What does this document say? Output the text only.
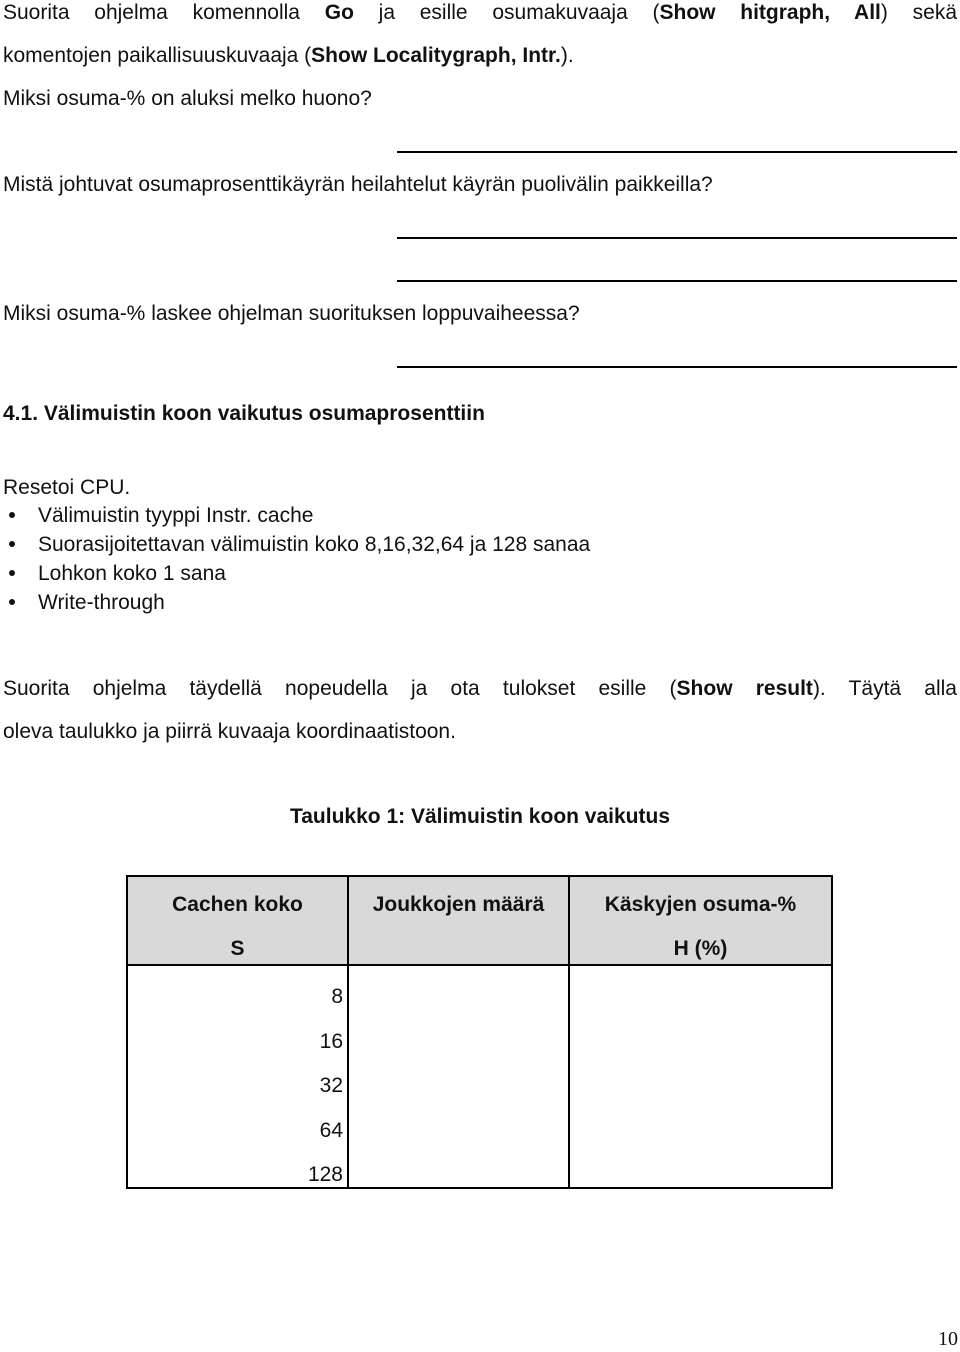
Suorita ohjelma komennolla Go ja esille osumakuvaaja (Show hitgraph, All) sekä
komentojen paikallisuuskuvaaja (Show Localitygraph, Intr.).
Miksi osuma-% on aluksi melko huono?
Mistä johtuvat osumaprosenttikäyrän heilahtelut käyrän puolivälin paikkeilla?
Miksi osuma-% laskee ohjelman suorituksen loppuvaiheessa?
4.1. Välimuistin koon vaikutus osumaprosenttiin
Resetoi CPU.
Välimuistin tyyppi Instr. cache
Suorasijoitettavan välimuistin koko 8,16,32,64 ja 128 sanaa
Lohkon koko 1 sana
Write-through
Suorita ohjelma täydellä nopeudella ja ota tulokset esille (Show result). Täytä alla
oleva taulukko ja piirrä kuvaaja koordinaatistoon.
Taulukko 1: Välimuistin koon vaikutus
Cachen koko
S
Joukkojen määrä	Käskyjen osuma-%
H (%)
8
16
32
64
128
10
